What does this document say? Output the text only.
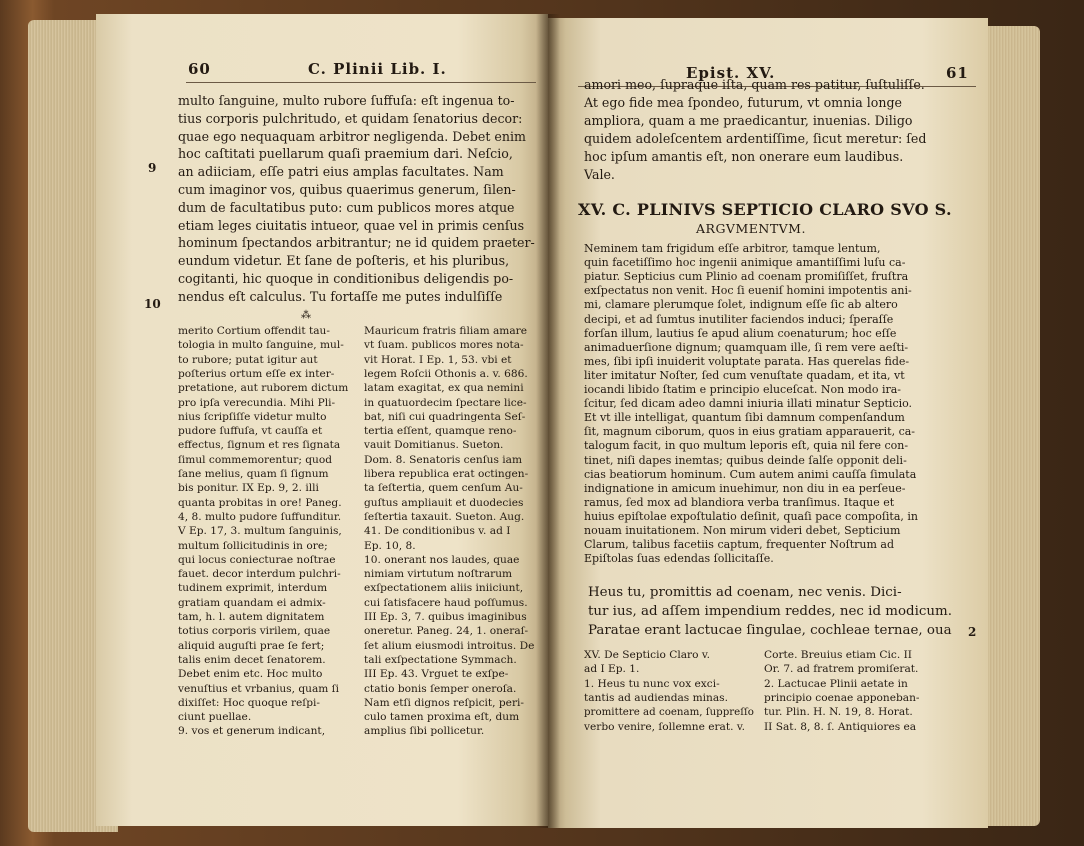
60	C. Plinii Lib. I.
multo ſanguine, multo rubore ſuffuſa: eſt ingenua to-
tius corporis pulchritudo, et quidam ſenatorius decor:
quae ego nequaquam arbitror negligenda. Debet enim
hoc caſtitati puellarum quaſi praemium dari. Neſcio,
an adiiciam, eſſe patri eius amplas facultates. Nam
cum imaginor vos, quibus quaerimus generum, ſilen-
dum de facultatibus puto: cum publicos mores atque
etiam leges ciuitatis intueor, quae vel in primis cenſus
hominum ſpectandos arbitrantur; ne id quidem praeter-
eundum videtur. Et ſane de poſteris, et his pluribus,
cogitanti, hic quoque in conditionibus deligendis po-
nendus eſt calculus. Tu fortaſſe me putes indulſiſſe
9
10
⁂
merito Cortium offendit tau-
tologia in multo ſanguine, mul-
to rubore; putat igitur aut
poſterius ortum eſſe ex inter-
pretatione, aut ruborem dictum
pro ipſa verecundia. Mihi Pli-
nius ſcripſiſſe videtur multo
pudore ſuffuſa, vt cauſſa et
effectus, ſignum et res ſignata
ſimul commemorentur; quod
ſane melius, quam ſi ſignum
bis ponitur. IX Ep. 9, 2. illi
quanta probitas in ore! Paneg.
4, 8. multo pudore ſuffunditur.
V Ep. 17, 3. multum ſanguinis,
multum ſollicitudinis in ore;
qui locus coniecturae noſtrae
fauet. decor interdum pulchri-
tudinem exprimit, interdum
gratiam quandam ei admix-
tam, h. l. autem dignitatem
totius corporis virilem, quae
aliquid auguſti prae ſe fert;
talis enim decet ſenatorem.
Debet enim etc. Hoc multo
venuſtius et vrbanius, quam ſi
dixiſſet: Hoc quoque reſpi-
ciunt puellae.
9. vos et generum indicant,
Mauricum fratris filiam amare
vt ſuam. publicos mores nota-
vit Horat. I Ep. 1, 53. vbi et
legem Roſcii Othonis a. v. 686.
latam exagitat, ex qua nemini
in quatuordecim ſpectare lice-
bat, niſi cui quadringenta Seſ-
tertia eſſent, quamque reno-
vauit Domitianus. Sueton.
Dom. 8. Senatoris cenſus iam
libera republica erat octingen-
ta ſeſtertia, quem cenſum Au-
guſtus ampliauit et duodecies
ſeſtertia taxauit. Sueton. Aug.
41. De conditionibus v. ad I
Ep. 10, 8.
10. onerant nos laudes, quae
nimiam virtutum noſtrarum
exſpectationem aliis iniiciunt,
cui ſatisfacere haud poſſumus.
III Ep. 3, 7. quibus imaginibus
oneretur. Paneg. 24, 1. oneraſ-
ſet alium eiusmodi introitus. De
tali exſpectatione Symmach.
III Ep. 43. Vrguet te exſpe-
ctatio bonis ſemper oneroſa.
Nam etſi dignos reſpicit, peri-
culo tamen proxima eſt, dum
amplius ſibi pollicetur.
Epist. XV.	61
amori meo, ſupraque iſta, quam res patitur, ſuſtuliſſe.
At ego fide mea ſpondeo, futurum, vt omnia longe
ampliora, quam a me praedicantur, inuenias. Diligo
quidem adoleſcentem ardentiſſime, ſicut meretur: ſed
hoc ipſum amantis eſt, non onerare eum laudibus.
Vale.
XV. C. PLINIVS SEPTICIO CLARO SVO S.
ARGVMENTVM.
Neminem tam frigidum eſſe arbitror, tamque lentum,
quin facetiſſimo hoc ingenii animique amantiſſimi luſu ca-
piatur. Septicius cum Plinio ad coenam promiſiſſet, fruſtra
exſpectatus non venit. Hoc ſi eueniſ homini impotentis ani-
mi, clamare plerumque ſolet, indignum eſſe ſic ab altero
decipi, et ad ſumtus inutiliter faciendos induci; ſperaſſe
forſan illum, lautius ſe apud alium coenaturum; hoc eſſe
animaduerſione dignum; quamquam ille, ſi rem vere aeſti-
mes, ſibi ipſi inuiderit voluptate parata. Has querelas fide-
liter imitatur Noſter, ſed cum venuſtate quadam, et ita, vt
iocandi libido ſtatim e principio eluceſcat. Non modo ira-
ſcitur, ſed dicam adeo damni iniuria illati minatur Septicio.
Et vt ille intelligat, quantum ſibi damnum compenſandum
ſit, magnum ciborum, quos in eius gratiam apparauerit, ca-
talogum facit, in quo multum leporis eſt, quia nil fere con-
tinet, niſi dapes inemtas; quibus deinde ſalſe opponit deli-
cias beatiorum hominum. Cum autem animi cauſſa ſimulata
indignatione in amicum inuehimur, non diu in ea perſeue-
ramus, ſed mox ad blandiora verba tranſimus. Itaque et
huius epiſtolae expoſtulatio deſinit, quaſi pace compoſita, in
nouam inuitationem. Non mirum videri debet, Septicium
Clarum, talibus facetiis captum, frequenter Noſtrum ad
Epiſtolas ſuas edendas ſollicitaſſe.
Heus tu, promittis ad coenam, nec venis. Dici-
tur ius, ad aſſem impendium reddes, nec id modicum.
Paratae erant lactucae ſingulae, cochleae ternae, oua 2
XV. De Septicio Claro v.
ad I Ep. 1.
1. Heus tu nunc vox exci-
tantis ad audiendas minas.
promittere ad coenam, ſuppreſſo
verbo venire, ſollemne erat. v.
Corte. Breuius etiam Cic. II
Or. 7. ad fratrem promiſerat.
2. Lactucae Plinii aetate in
principio coenae apponeban-
tur. Plin. H. N. 19, 8. Horat.
II Sat. 8, 8. ſ. Antiquiores ea
